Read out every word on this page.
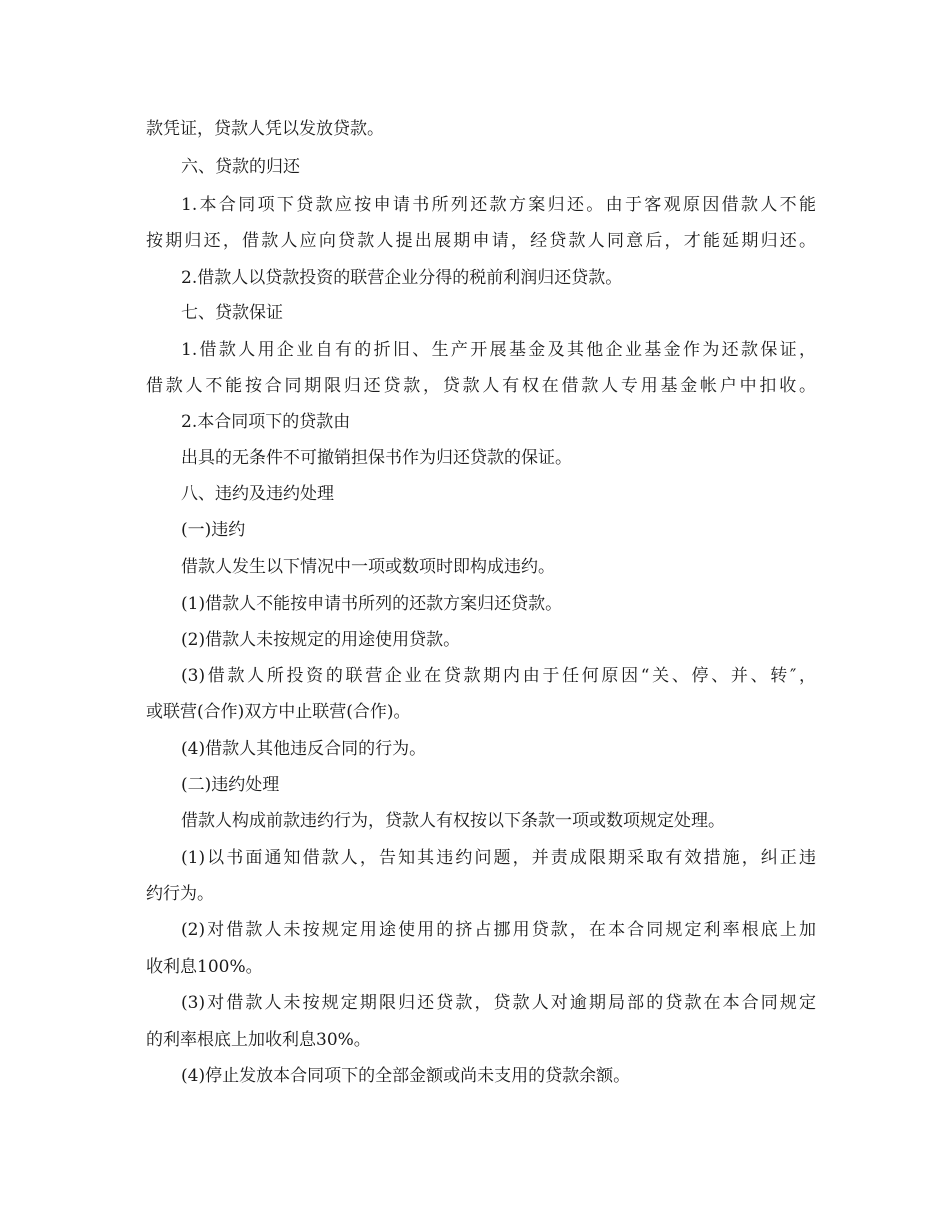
款凭证，贷款人凭以发放贷款。
六、贷款的归还
1.本合同项下贷款应按申请书所列还款方案归还。由于客观原因借款人不能
按期归还，借款人应向贷款人提出展期申请，经贷款人同意后，才能延期归还。
2.借款人以贷款投资的联营企业分得的税前利润归还贷款。
七、贷款保证
1.借款人用企业自有的折旧、生产开展基金及其他企业基金作为还款保证，
借款人不能按合同期限归还贷款，贷款人有权在借款人专用基金帐户中扣收。
2.本合同项下的贷款由
出具的无条件不可撤销担保书作为归还贷款的保证。
八、违约及违约处理
(一)违约
借款人发生以下情况中一项或数项时即构成违约。
(1)借款人不能按申请书所列的还款方案归还贷款。
(2)借款人未按规定的用途使用贷款。
(3)借款人所投资的联营企业在贷款期内由于任何原因“关、停、并、转″，
或联营(合作)双方中止联营(合作)。
(4)借款人其他违反合同的行为。
(二)违约处理
借款人构成前款违约行为，贷款人有权按以下条款一项或数项规定处理。
(1)以书面通知借款人，告知其违约问题，并责成限期采取有效措施，纠正违
约行为。
(2)对借款人未按规定用途使用的挤占挪用贷款，在本合同规定利率根底上加
收利息100%。
(3)对借款人未按规定期限归还贷款，贷款人对逾期局部的贷款在本合同规定
的利率根底上加收利息30%。
(4)停止发放本合同项下的全部金额或尚未支用的贷款余额。
